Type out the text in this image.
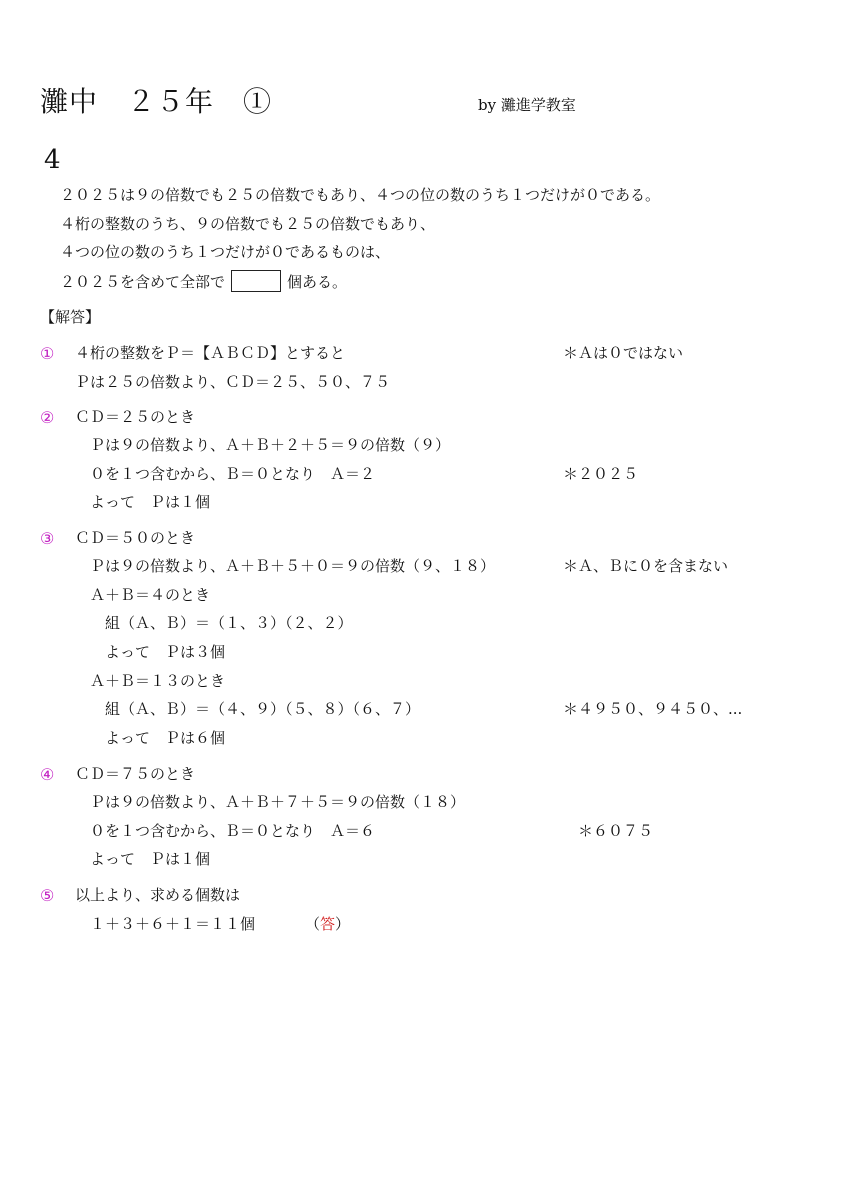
灘中　２５年　①	by 灘進学教室
4
２０２５は９の倍数でも２５の倍数でもあり、４つの位の数のうち１つだけが０である。
４桁の整数のうち、９の倍数でも２５の倍数でもあり、
４つの位の数のうち１つだけが０であるものは、
２０２５を含めて全部で	個ある。
【解答】
① ４桁の整数をＰ＝【ＡＢＣＤ】とすると	＊Ａは０ではない
Ｐは２５の倍数より、ＣＤ＝２５、５０、７５
② ＣＤ＝２５のとき
Ｐは９の倍数より、Ａ＋Ｂ＋２＋５＝９の倍数（９）
０を１つ含むから、Ｂ＝０となり　Ａ＝２	＊２０２５
よって　Ｐは１個
③ ＣＤ＝５０のとき
Ｐは９の倍数より、Ａ＋Ｂ＋５＋０＝９の倍数（９、１８）	＊Ａ、Ｂに０を含まない
Ａ＋Ｂ＝４のとき
組（Ａ、Ｂ）＝（１、３）（２、２）
よって　Ｐは３個
Ａ＋Ｂ＝１３のとき
組（Ａ、Ｂ）＝（４、９）（５、８）（６、７）	＊４９５０、９４５０、...
よって　Ｐは６個
④ ＣＤ＝７５のとき
Ｐは９の倍数より、Ａ＋Ｂ＋７＋５＝９の倍数（１８）
０を１つ含むから、Ｂ＝０となり　Ａ＝６	＊６０７５
よって　Ｐは１個
⑤ 以上より、求める個数は
１＋３＋６＋１＝１１個	（答）
